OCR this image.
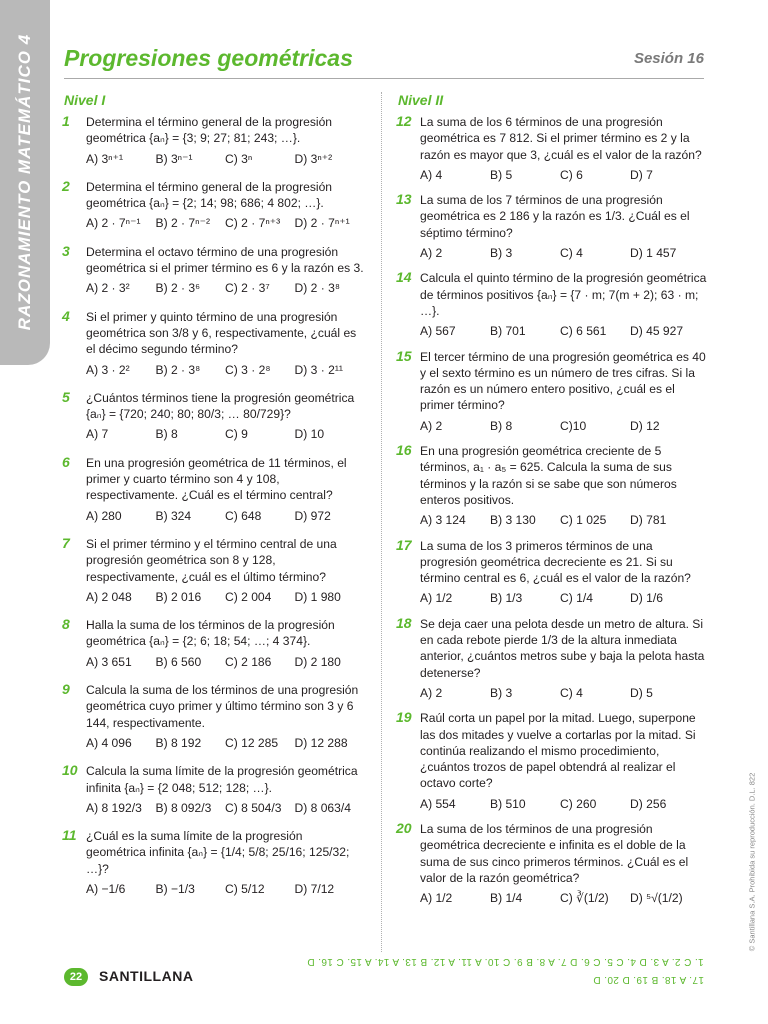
RAZONAMIENTO MATEMÁTICO 4 Progresiones geométricas	Sesión 16
Nivel I
1 Determina el término general de la progresión geométrica {aₙ} = {3; 9; 27; 81; 243; …}.
A) 3ⁿ⁺¹	B) 3ⁿ⁻¹	C) 3ⁿ	D) 3ⁿ⁺²
2 Determina el término general de la progresión geométrica {aₙ} = {2; 14; 98; 686; 4 802; …}.
A) 2 · 7ⁿ⁻¹	B) 2 · 7ⁿ⁻²	C) 2 · 7ⁿ⁺³	D) 2 · 7ⁿ⁺¹
3 Determina el octavo término de una progresión geométrica si el primer término es 6 y la razón es 3.
A) 2 · 3²	B) 2 · 3⁶	C) 2 · 3⁷	D) 2 · 3⁸
4 Si el primer y quinto término de una progresión geométrica son 3/8 y 6, respectivamente, ¿cuál es el décimo segundo término?
A) 3 · 2²	B) 2 · 3⁸	C) 3 · 2⁸	D) 3 · 2¹¹
5 ¿Cuántos términos tiene la progresión geométrica {aₙ} = {720; 240; 80; 80/3; … 80/729}?
A) 7	B) 8	C) 9	D) 10
6 En una progresión geométrica de 11 términos, el primer y cuarto término son 4 y 108, respectivamente. ¿Cuál es el término central?
A) 280	B) 324	C) 648	D) 972
7 Si el primer término y el término central de una progresión geométrica son 8 y 128, respectivamente, ¿cuál es el último término?
A) 2 048	B) 2 016	C) 2 004	D) 1 980
8 Halla la suma de los términos de la progresión geométrica {aₙ} = {2; 6; 18; 54; …; 4 374}.
A) 3 651	B) 6 560	C) 2 186	D) 2 180
9 Calcula la suma de los términos de una progresión geométrica cuyo primer y último término son 3 y 6 144, respectivamente.
A) 4 096	B) 8 192	C) 12 285	D) 12 288
10 Calcula la suma límite de la progresión geométrica infinita {aₙ} = {2 048; 512; 128; …}.
A) 8 192/3	B) 8 092/3	C) 8 504/3	D) 8 063/4
11 ¿Cuál es la suma límite de la progresión geométrica infinita {aₙ} = {1/4; 5/8; 25/16; 125/32; …}?
A) −1/6	B) −1/3	C) 5/12	D) 7/12
Nivel II
12 La suma de los 6 términos de una progresión geométrica es 7 812. Si el primer término es 2 y la razón es mayor que 3, ¿cuál es el valor de la razón?
A) 4	B) 5	C) 6	D) 7
13 La suma de los 7 términos de una progresión geométrica es 2 186 y la razón es 1/3. ¿Cuál es el séptimo término?
A) 2	B) 3	C) 4	D) 1 457
14 Calcula el quinto término de la progresión geométrica de términos positivos {aₙ} = {7 · m; 7(m + 2); 63 · m; …}.
A) 567	B) 701	C) 6 561	D) 45 927
15 El tercer término de una progresión geométrica es 40 y el sexto término es un número de tres cifras. Si la razón es un número entero positivo, ¿cuál es el primer término?
A) 2	B) 8	C)10	D) 12
16 En una progresión geométrica creciente de 5 términos, a₁ · a₅ = 625. Calcula la suma de sus términos y la razón si se sabe que son números enteros positivos.
A) 3 124	B) 3 130	C) 1 025	D) 781
17 La suma de los 3 primeros términos de una progresión geométrica decreciente es 21. Si su término central es 6, ¿cuál es el valor de la razón?
A) 1/2	B) 1/3	C) 1/4	D) 1/6
18 Se deja caer una pelota desde un metro de altura. Si en cada rebote pierde 1/3 de la altura inmediata anterior, ¿cuántos metros sube y baja la pelota hasta detenerse?
A) 2	B) 3	C) 4	D) 5
19 Raúl corta un papel por la mitad. Luego, superpone las dos mitades y vuelve a cortarlas por la mitad. Si continúa realizando el mismo procedimiento, ¿cuántos trozos de papel obtendrá al realizar el octavo corte?
A) 554	B) 510	C) 260	D) 256
20 La suma de los términos de una progresión geométrica decreciente e infinita es el doble de la suma de sus cinco primeros términos. ¿Cuál es el valor de la razón geométrica?
A) 1/2	B) 1/4	C) ∛(1/2)	D) ⁵√(1/2)
22	SANTILLANA
1. C 2. A 3. D 4. C 5. C 6. D 7. A 8. B 9. C 10. A 11. A 12. B 13. A 14. A 15. C 16. D
17. A 18. B 19. D 20. D
© Santillana S.A. Prohibida su reproducción. D.L. 822
